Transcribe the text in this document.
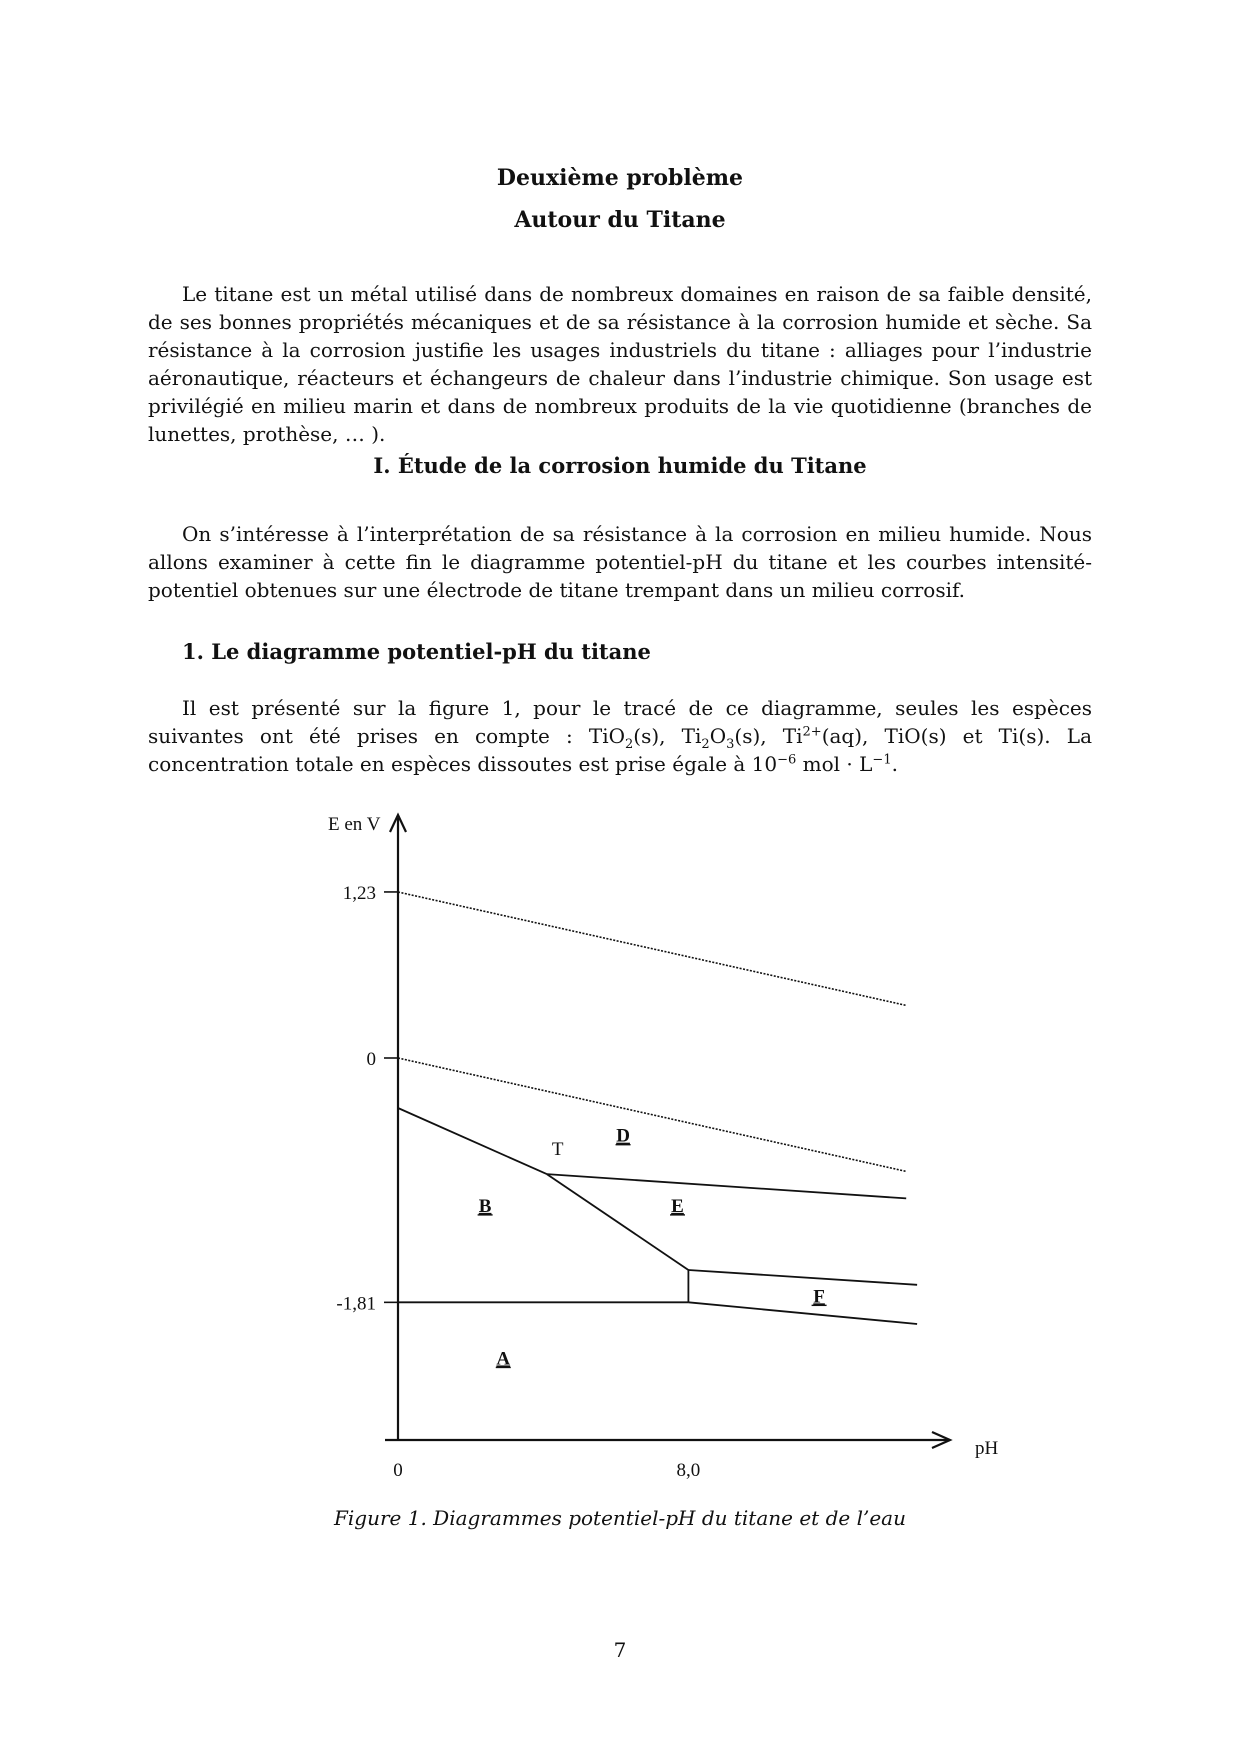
Deuxième problème
Autour du Titane

Le titane est un métal utilisé dans de nombreux domaines en raison de sa faible densité, de ses bonnes propriétés mécaniques et de sa résistance à la corrosion humide et sèche. Sa résistance à la corrosion justifie les usages industriels du titane : alliages pour l’industrie aéronautique, réacteurs et échangeurs de chaleur dans l’industrie chimique. Son usage est privilégié en milieu marin et dans de nombreux produits de la vie quotidienne (branches de lunettes, prothèse, … ).

I. Étude de la corrosion humide du Titane

On s’intéresse à l’interprétation de sa résistance à la corrosion en milieu humide. Nous allons examiner à cette fin le diagramme potentiel-pH du titane et les courbes intensité-potentiel obtenues sur une électrode de titane trempant dans un milieu corrosif.

1. Le diagramme potentiel-pH du titane

Il est présenté sur la figure 1, pour le tracé de ce diagramme, seules les espèces suivantes ont été prises en compte : TiO$_2$(s), $Ti_2O_3(s)$, $Ti^{2+}(aq)$, TiO(s) et Ti(s). La concentration totale en espèces dissoutes est prise égale à $10^{-6}$ mol · $L^{-1}$.

E en V
pH
1,23
0
-1,81
0	8,0
T
D
B	E
F
A

Figure 1. Diagrammes potentiel-pH du titane et de l’eau

7
